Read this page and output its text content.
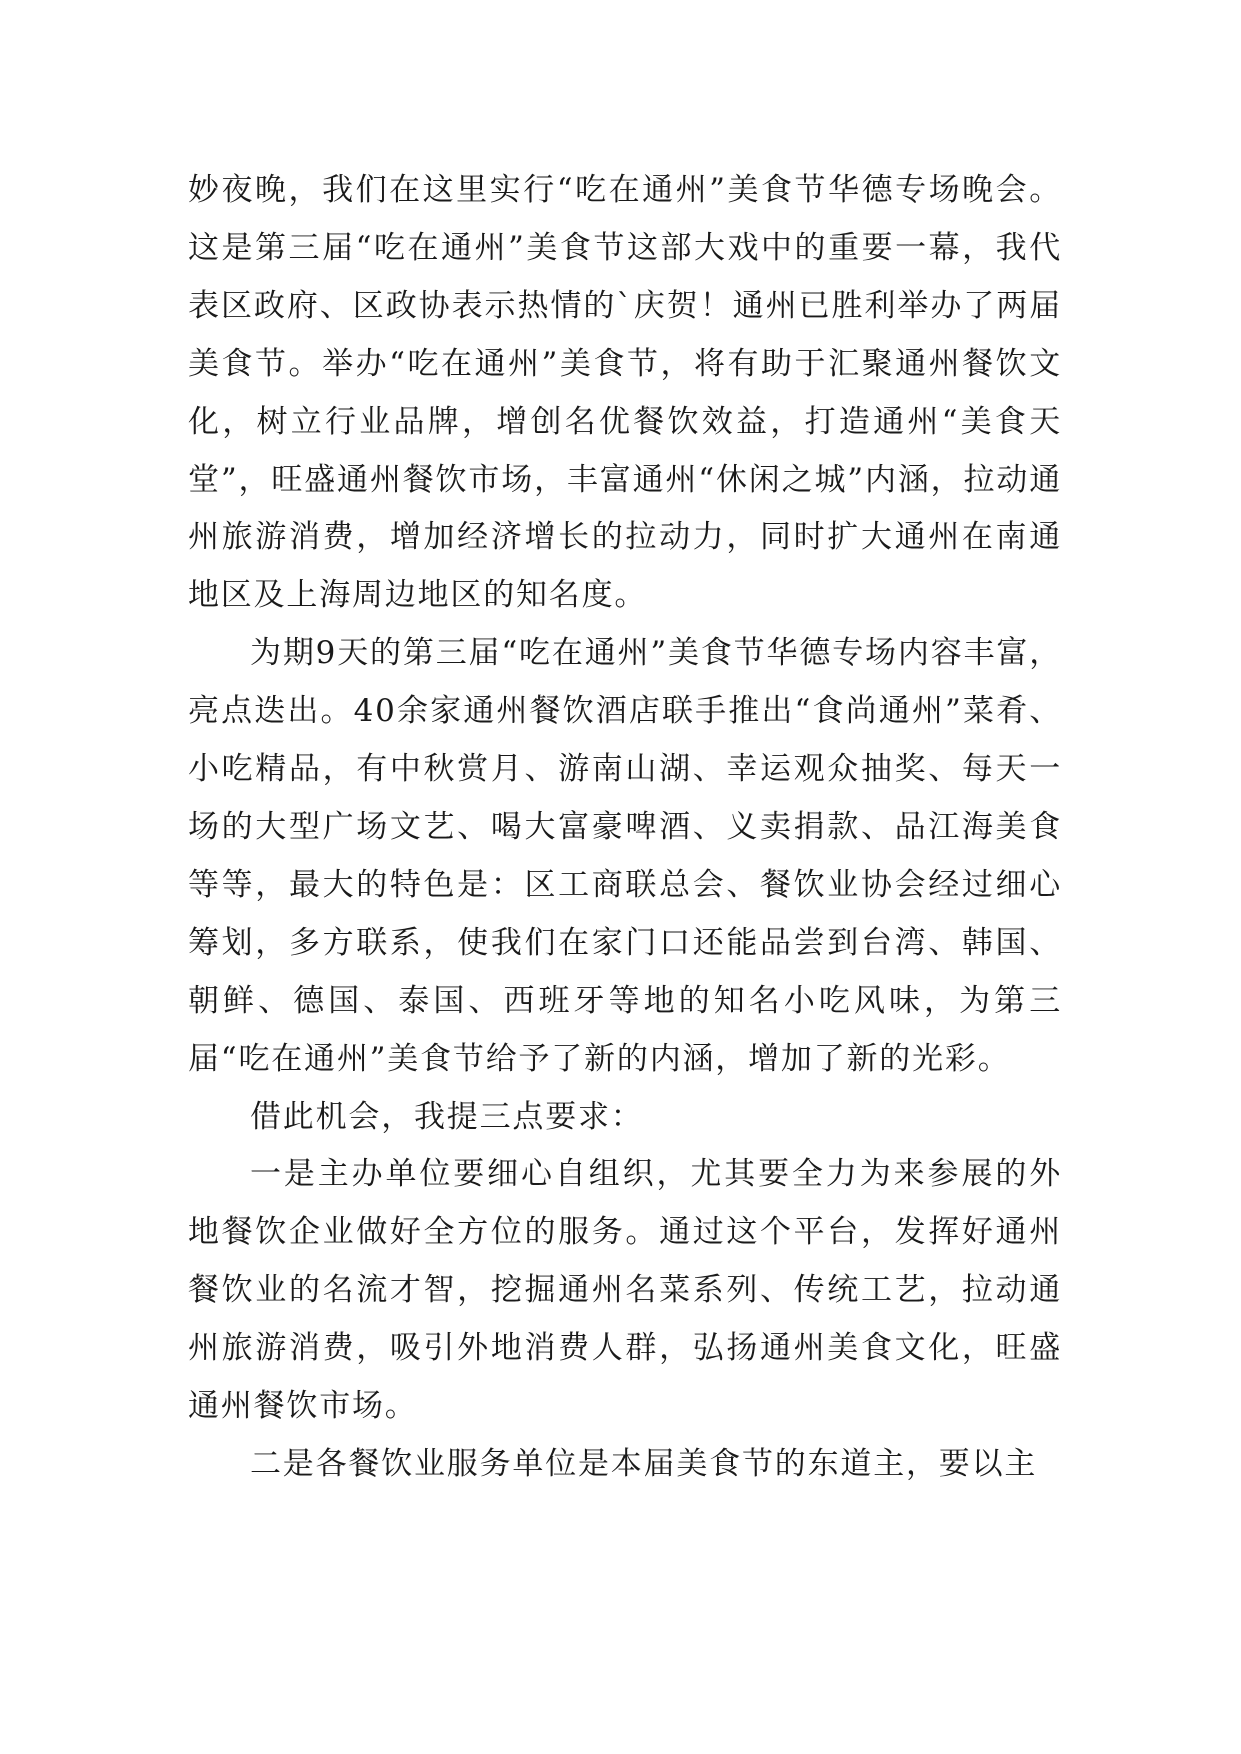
妙夜晚，我们在这里实行“吃在通州”美食节华德专场晚会。这是第三届“吃在通州”美食节这部大戏中的重要一幕，我代表区政府、区政协表示热情的`庆贺！通州已胜利举办了两届美食节。举办“吃在通州”美食节，将有助于汇聚通州餐饮文化，树立行业品牌，增创名优餐饮效益，打造通州“美食天堂”，旺盛通州餐饮市场，丰富通州“休闲之城”内涵，拉动通州旅游消费，增加经济增长的拉动力，同时扩大通州在南通地区及上海周边地区的知名度。

为期9天的第三届“吃在通州”美食节华德专场内容丰富，亮点迭出。40余家通州餐饮酒店联手推出“食尚通州”菜肴、小吃精品，有中秋赏月、游南山湖、幸运观众抽奖、每天一场的大型广场文艺、喝大富豪啤酒、义卖捐款、品江海美食等等，最大的特色是：区工商联总会、餐饮业协会经过细心筹划，多方联系，使我们在家门口还能品尝到台湾、韩国、朝鲜、德国、泰国、西班牙等地的知名小吃风味，为第三届“吃在通州”美食节给予了新的内涵，增加了新的光彩。

借此机会，我提三点要求：

一是主办单位要细心自组织，尤其要全力为来参展的外地餐饮企业做好全方位的服务。通过这个平台，发挥好通州餐饮业的名流才智，挖掘通州名菜系列、传统工艺，拉动通州旅游消费，吸引外地消费人群，弘扬通州美食文化，旺盛通州餐饮市场。

二是各餐饮业服务单位是本届美食节的东道主，要以主
